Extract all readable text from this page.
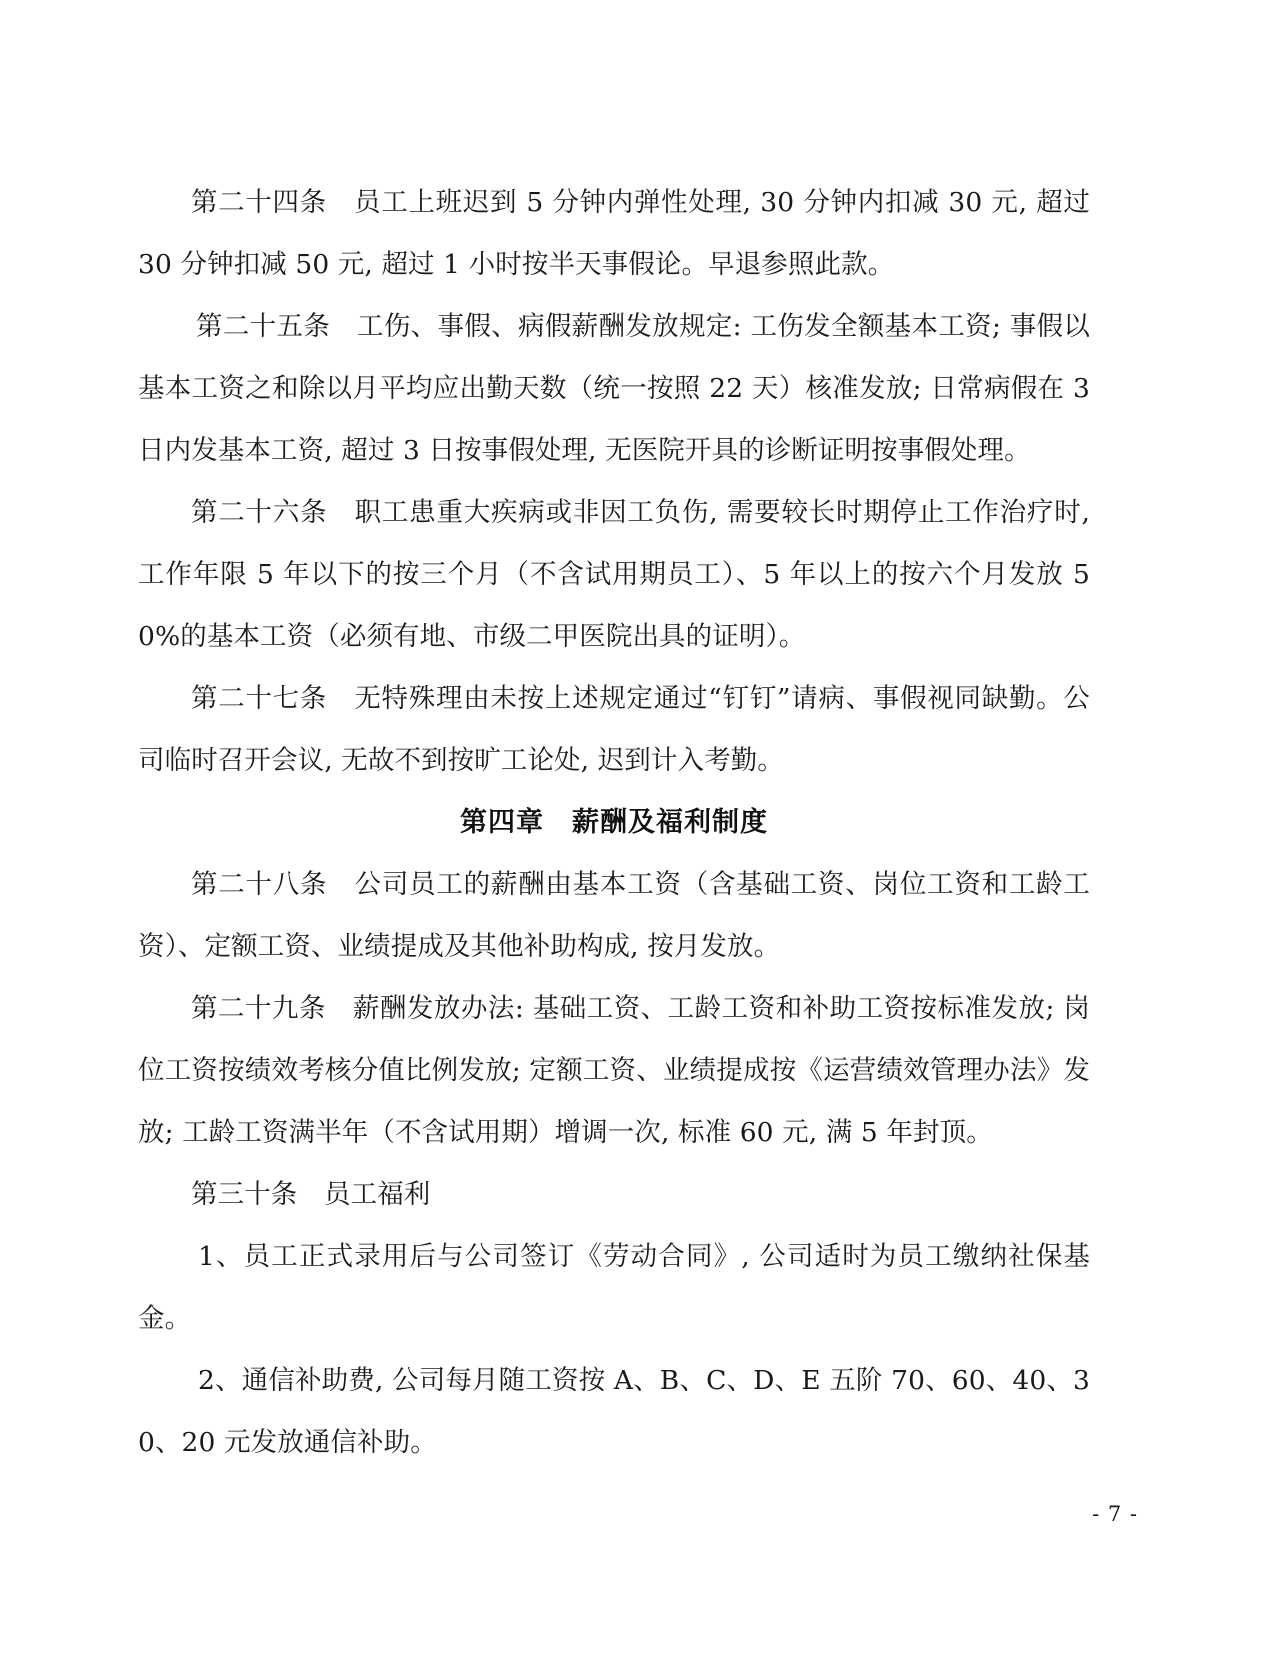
第二十四条　员工上班迟到 5 分钟内弹性处理, 30 分钟内扣减 30 元, 超过 30 分钟扣减 50 元, 超过 1 小时按半天事假论。早退参照此款。

第二十五条　工伤、事假、病假薪酬发放规定: 工伤发全额基本工资; 事假以基本工资之和除以月平均应出勤天数（统一按照 22 天）核准发放; 日常病假在 3 日内发基本工资, 超过 3 日按事假处理, 无医院开具的诊断证明按事假处理。

第二十六条　职工患重大疾病或非因工负伤, 需要较长时期停止工作治疗时, 工作年限 5 年以下的按三个月（不含试用期员工）、5 年以上的按六个月发放 50%的基本工资（必须有地、市级二甲医院出具的证明）。

第二十七条　无特殊理由未按上述规定通过“钉钉”请病、事假视同缺勤。公司临时召开会议, 无故不到按旷工论处, 迟到计入考勤。

第四章　薪酬及福利制度

第二十八条　公司员工的薪酬由基本工资（含基础工资、岗位工资和工龄工资）、定额工资、业绩提成及其他补助构成, 按月发放。

第二十九条　薪酬发放办法: 基础工资、工龄工资和补助工资按标准发放; 岗位工资按绩效考核分值比例发放; 定额工资、业绩提成按《运营绩效管理办法》发放; 工龄工资满半年（不含试用期）增调一次, 标准 60 元, 满 5 年封顶。

第三十条　员工福利

1、员工正式录用后与公司签订《劳动合同》, 公司适时为员工缴纳社保基金。

2、通信补助费, 公司每月随工资按 A、B、C、D、E 五阶 70、60、40、30、20 元发放通信补助。

- 7 -
